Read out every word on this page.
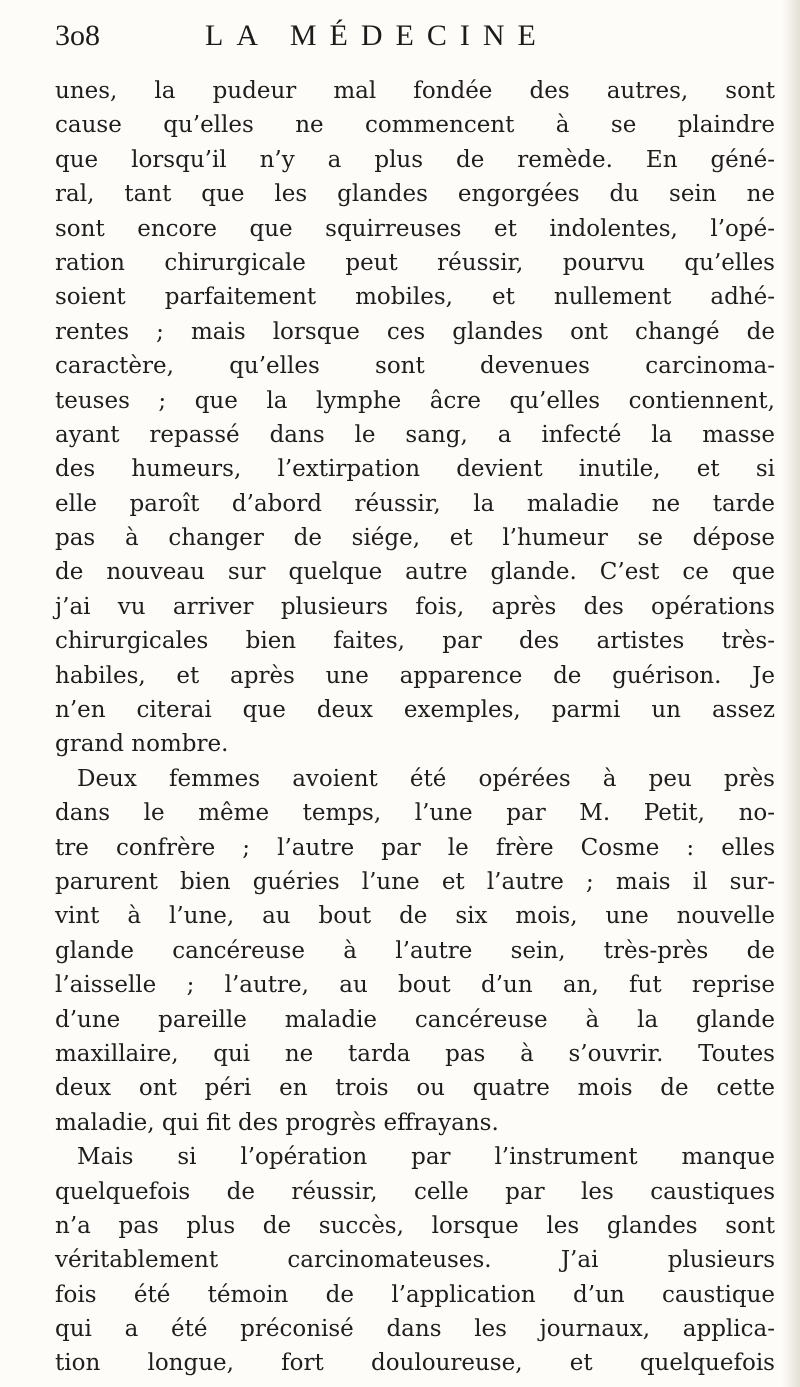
3o8	LA MÉDECINE
unes, la pudeur mal fondée des autres, sont
cause qu’elles ne commencent à se plaindre
que lorsqu’il n’y a plus de remède. En géné-
ral, tant que les glandes engorgées du sein ne
sont encore que squirreuses et indolentes, l’opé-
ration chirurgicale peut réussir, pourvu qu’elles
soient parfaitement mobiles, et nullement adhé-
rentes ; mais lorsque ces glandes ont changé de
caractère, qu’elles sont devenues carcinoma-
teuses ; que la lymphe âcre qu’elles contiennent,
ayant repassé dans le sang, a infecté la masse
des humeurs, l’extirpation devient inutile, et si
elle paroît d’abord réussir, la maladie ne tarde
pas à changer de siége, et l’humeur se dépose
de nouveau sur quelque autre glande. C’est ce que
j’ai vu arriver plusieurs fois, après des opérations
chirurgicales bien faites, par des artistes très-
habiles, et après une apparence de guérison. Je
n’en citerai que deux exemples, parmi un assez
grand nombre.
Deux femmes avoient été opérées à peu près
dans le même temps, l’une par M. Petit, no-
tre confrère ; l’autre par le frère Cosme : elles
parurent bien guéries l’une et l’autre ; mais il sur-
vint à l’une, au bout de six mois, une nouvelle
glande cancéreuse à l’autre sein, très-près de
l’aisselle ; l’autre, au bout d’un an, fut reprise
d’une pareille maladie cancéreuse à la glande
maxillaire, qui ne tarda pas à s’ouvrir. Toutes
deux ont péri en trois ou quatre mois de cette
maladie, qui fit des progrès effrayans.
Mais si l’opération par l’instrument manque
quelquefois de réussir, celle par les caustiques
n’a pas plus de succès, lorsque les glandes sont
véritablement carcinomateuses. J’ai plusieurs
fois été témoin de l’application d’un caustique
qui a été préconisé dans les journaux, applica-
tion longue, fort douloureuse, et quelquefois
